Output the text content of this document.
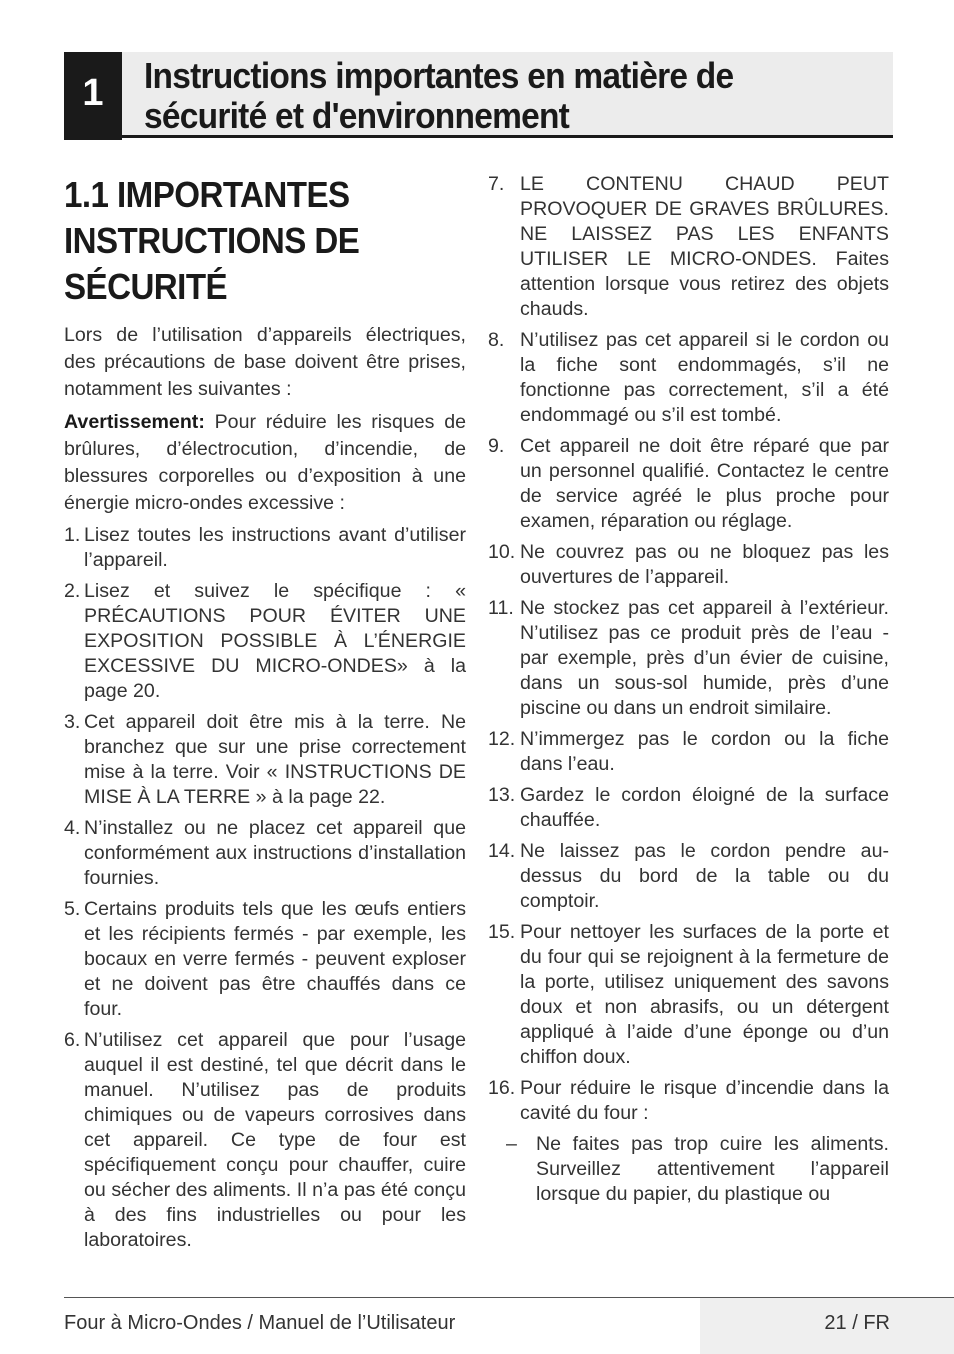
1	Instructions importantes en matière de
sécurité et d'environnement
1.1 IMPORTANTES
INSTRUCTIONS DE
SÉCURITÉ

Lors de l’utilisation d’appareils électriques, des précautions de base doivent être prises, notamment les suivantes :

Avertissement: Pour réduire les risques de brûlures, d’électrocution, d’incendie, de blessures corporelles ou d’exposition à une énergie micro-ondes excessive :

1. Lisez toutes les instructions avant d’utiliser l’appareil.
2. Lisez et suivez le spécifique : « PRÉCAUTIONS POUR ÉVITER UNE EXPOSITION POSSIBLE À L’ÉNERGIE EXCESSIVE DU MICRO-ONDES» à la page 20.
3. Cet appareil doit être mis à la terre. Ne branchez que sur une prise correctement mise à la terre. Voir « INSTRUCTIONS DE MISE À LA TERRE » à la page 22.
4. N’installez ou ne placez cet appareil que conformément aux instructions d’installation fournies.
5. Certains produits tels que les œufs entiers et les récipients fermés - par exemple, les bocaux en verre fermés - peuvent exploser et ne doivent pas être chauffés dans ce four.
6. N’utilisez cet appareil que pour l’usage auquel il est destiné, tel que décrit dans le manuel. N’utilisez pas de produits chimiques ou de vapeurs corrosives dans cet appareil. Ce type de four est spécifiquement conçu pour chauffer, cuire ou sécher des aliments. Il n’a pas été conçu à des fins industrielles ou pour les laboratoires.
7. LE CONTENU CHAUD PEUT PROVOQUER DE GRAVES BRÛLURES. NE LAISSEZ PAS LES ENFANTS UTILISER LE MICRO-ONDES. Faites attention lorsque vous retirez des objets chauds.
8. N’utilisez pas cet appareil si le cordon ou la fiche sont endommagés, s’il ne fonctionne pas correctement, s’il a été endommagé ou s’il est tombé.
9. Cet appareil ne doit être réparé que par un personnel qualifié. Contactez le centre de service agréé le plus proche pour examen, réparation ou réglage.
10. Ne couvrez pas ou ne bloquez pas les ouvertures de l’appareil.
11. Ne stockez pas cet appareil à l’extérieur. N’utilisez pas ce produit près de l’eau - par exemple, près d’un évier de cuisine, dans un sous-sol humide, près d’une piscine ou dans un endroit similaire.
12. N’immergez pas le cordon ou la fiche dans l’eau.
13. Gardez le cordon éloigné de la surface chauffée.
14. Ne laissez pas le cordon pendre au-dessus du bord de la table ou du comptoir.
15. Pour nettoyer les surfaces de la porte et du four qui se rejoignent à la fermeture de la porte, utilisez uniquement des savons doux et non abrasifs, ou un détergent appliqué à l’aide d’une éponge ou d’un chiffon doux.
16. Pour réduire le risque d’incendie dans la cavité du four :
– Ne faites pas trop cuire les aliments. Surveillez attentivement l’appareil lorsque du papier, du plastique ou
Four à Micro-Ondes / Manuel de l’Utilisateur	21 / FR
